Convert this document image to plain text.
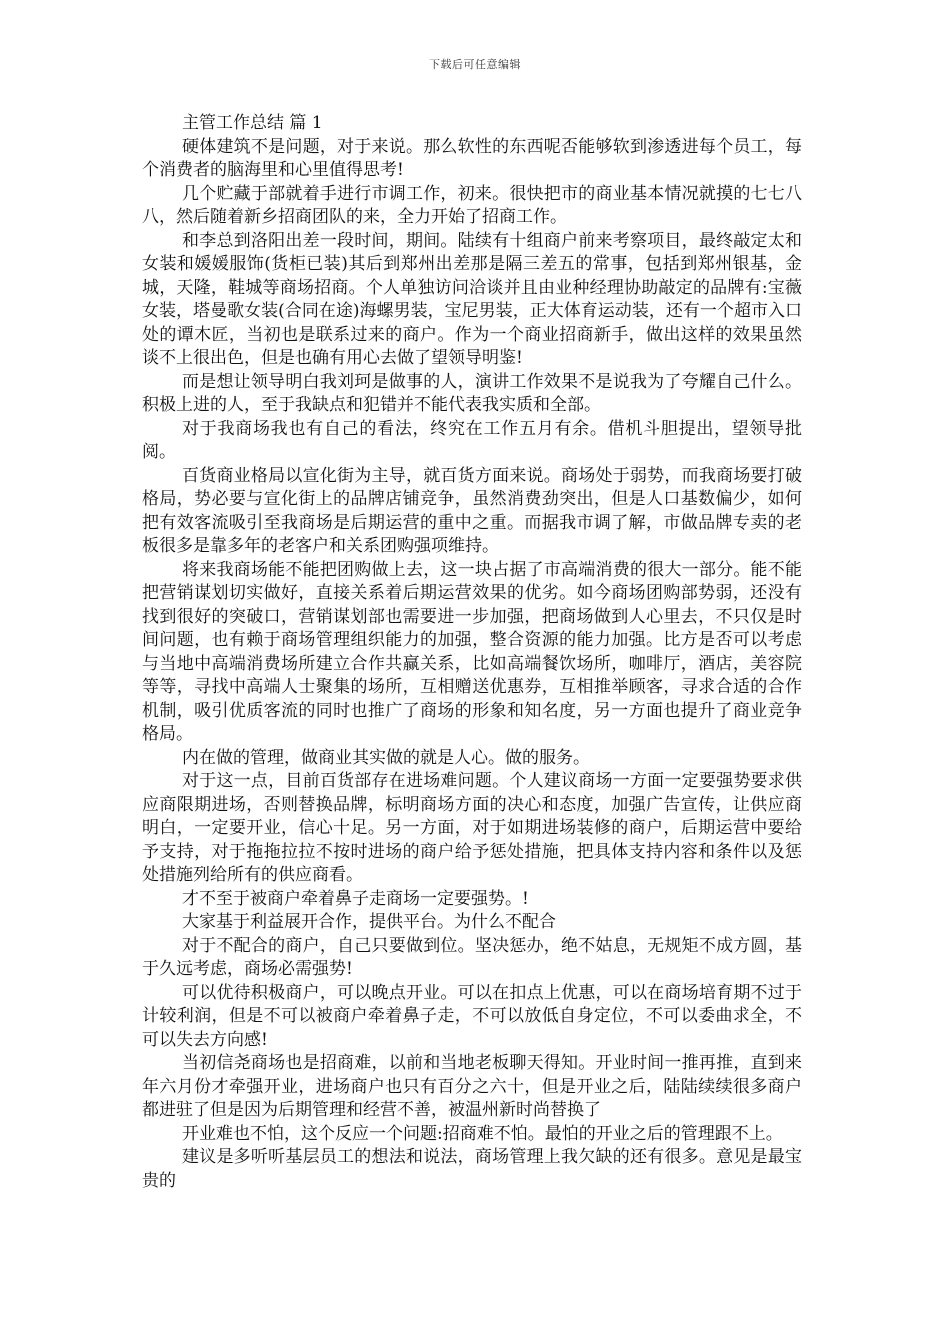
下载后可任意编辑
主管工作总结 篇 1

硬体建筑不是问题，对于来说。那么软性的东西呢否能够软到渗透进每个员工，每个消费者的脑海里和心里值得思考!

几个贮藏于部就着手进行市调工作，初来。很快把市的商业基本情况就摸的七七八八，然后随着新乡招商团队的来，全力开始了招商工作。

和李总到洛阳出差一段时间，期间。陆续有十组商户前来考察项目，最终敲定太和女装和媛媛服饰(货柜已装)其后到郑州出差那是隔三差五的常事，包括到郑州银基，金城，天隆，鞋城等商场招商。个人单独访问洽谈并且由业种经理协助敲定的品牌有:宝薇女装，塔曼歌女装(合同在途)海螺男装，宝尼男装，正大体育运动装，还有一个超市入口处的谭木匠，当初也是联系过来的商户。作为一个商业招商新手，做出这样的效果虽然谈不上很出色，但是也确有用心去做了望领导明鉴!

而是想让领导明白我刘珂是做事的人，演讲工作效果不是说我为了夸耀自己什么。积极上进的人，至于我缺点和犯错并不能代表我实质和全部。

对于我商场我也有自己的看法，终究在工作五月有余。借机斗胆提出，望领导批阅。

百货商业格局以宣化街为主导，就百货方面来说。商场处于弱势，而我商场要打破格局，势必要与宣化街上的品牌店铺竞争，虽然消费劲突出，但是人口基数偏少，如何把有效客流吸引至我商场是后期运营的重中之重。而据我市调了解，市做品牌专卖的老板很多是靠多年的老客户和关系团购强项维持。

将来我商场能不能把团购做上去，这一块占据了市高端消费的很大一部分。能不能把营销谋划切实做好，直接关系着后期运营效果的优劣。如今商场团购部势弱，还没有找到很好的突破口，营销谋划部也需要进一步加强，把商场做到人心里去，不只仅是时间问题，也有赖于商场管理组织能力的加强，整合资源的能力加强。比方是否可以考虑与当地中高端消费场所建立合作共赢关系，比如高端餐饮场所，咖啡厅，酒店，美容院等等，寻找中高端人士聚集的场所，互相赠送优惠券，互相推举顾客，寻求合适的合作机制，吸引优质客流的同时也推广了商场的形象和知名度，另一方面也提升了商业竞争格局。

内在做的管理，做商业其实做的就是人心。做的服务。

对于这一点，目前百货部存在进场难问题。个人建议商场一方面一定要强势要求供应商限期进场，否则替换品牌，标明商场方面的决心和态度，加强广告宣传，让供应商明白，一定要开业，信心十足。另一方面，对于如期进场装修的商户，后期运营中要给予支持，对于拖拖拉拉不按时进场的商户给予惩处措施，把具体支持内容和条件以及惩处措施列给所有的供应商看。

才不至于被商户牵着鼻子走商场一定要强势。!

大家基于利益展开合作，提供平台。为什么不配合

对于不配合的商户，自己只要做到位。坚决惩办，绝不姑息，无规矩不成方圆，基于久远考虑，商场必需强势!

可以优待积极商户，可以晚点开业。可以在扣点上优惠，可以在商场培育期不过于计较利润，但是不可以被商户牵着鼻子走，不可以放低自身定位，不可以委曲求全，不可以失去方向感!

当初信尧商场也是招商难，以前和当地老板聊天得知。开业时间一推再推，直到来年六月份才牵强开业，进场商户也只有百分之六十，但是开业之后，陆陆续续很多商户都进驻了但是因为后期管理和经营不善，被温州新时尚替换了

开业难也不怕，这个反应一个问题:招商难不怕。最怕的开业之后的管理跟不上。

建议是多听听基层员工的想法和说法，商场管理上我欠缺的还有很多。意见是最宝贵的
